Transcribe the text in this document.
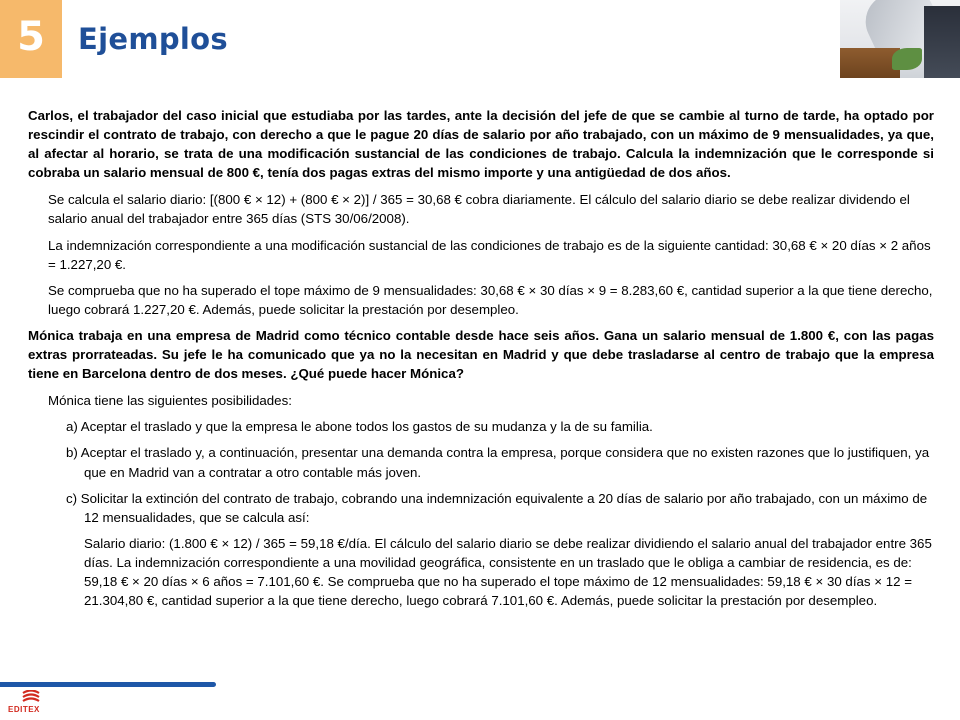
5 Ejemplos

Carlos, el trabajador del caso inicial que estudiaba por las tardes, ante la decisión del jefe de que se cambie al turno de tarde, ha optado por rescindir el contrato de trabajo, con derecho a que le pague 20 días de salario por año trabajado, con un máximo de 9 mensualidades, ya que, al afectar al horario, se trata de una modificación sustancial de las condiciones de trabajo. Calcula la indemnización que le corresponde si cobraba un salario mensual de 800 €, tenía dos pagas extras del mismo importe y una antigüedad de dos años.

Se calcula el salario diario: [(800 € × 12) + (800 € × 2)] / 365 = 30,68 € cobra diariamente. El cálculo del salario diario se debe realizar dividendo el salario anual del trabajador entre 365 días (STS 30/06/2008).

La indemnización correspondiente a una modificación sustancial de las condiciones de trabajo es de la siguiente cantidad: 30,68 € × 20 días × 2 años = 1.227,20 €.

Se comprueba que no ha superado el tope máximo de 9 mensualidades: 30,68 € × 30 días × 9 = 8.283,60 €, cantidad superior a la que tiene derecho, luego cobrará 1.227,20 €. Además, puede solicitar la prestación por desempleo.

Mónica trabaja en una empresa de Madrid como técnico contable desde hace seis años. Gana un salario mensual de 1.800 €, con las pagas extras prorrateadas. Su jefe le ha comunicado que ya no la necesitan en Madrid y que debe trasladarse al centro de trabajo que la empresa tiene en Barcelona dentro de dos meses. ¿Qué puede hacer Mónica?

Mónica tiene las siguientes posibilidades:

a) Aceptar el traslado y que la empresa le abone todos los gastos de su mudanza y la de su familia.

b) Aceptar el traslado y, a continuación, presentar una demanda contra la empresa, porque considera que no existen razones que lo justifiquen, ya que en Madrid van a contratar a otro contable más joven.

c) Solicitar la extinción del contrato de trabajo, cobrando una indemnización equivalente a 20 días de salario por año trabajado, con un máximo de 12 mensualidades, que se calcula así:

Salario diario: (1.800 € × 12) / 365 = 59,18 €/día. El cálculo del salario diario se debe realizar dividiendo el salario anual del trabajador entre 365 días. La indemnización correspondiente a una movilidad geográfica, consistente en un traslado que le obliga a cambiar de residencia, es de: 59,18 € × 20 días × 6 años = 7.101,60 €. Se comprueba que no ha superado el tope máximo de 12 mensualidades: 59,18 € × 30 días × 12 = 21.304,80 €, cantidad superior a la que tiene derecho, luego cobrará 7.101,60 €. Además, puede solicitar la prestación por desempleo.

EDITEX
